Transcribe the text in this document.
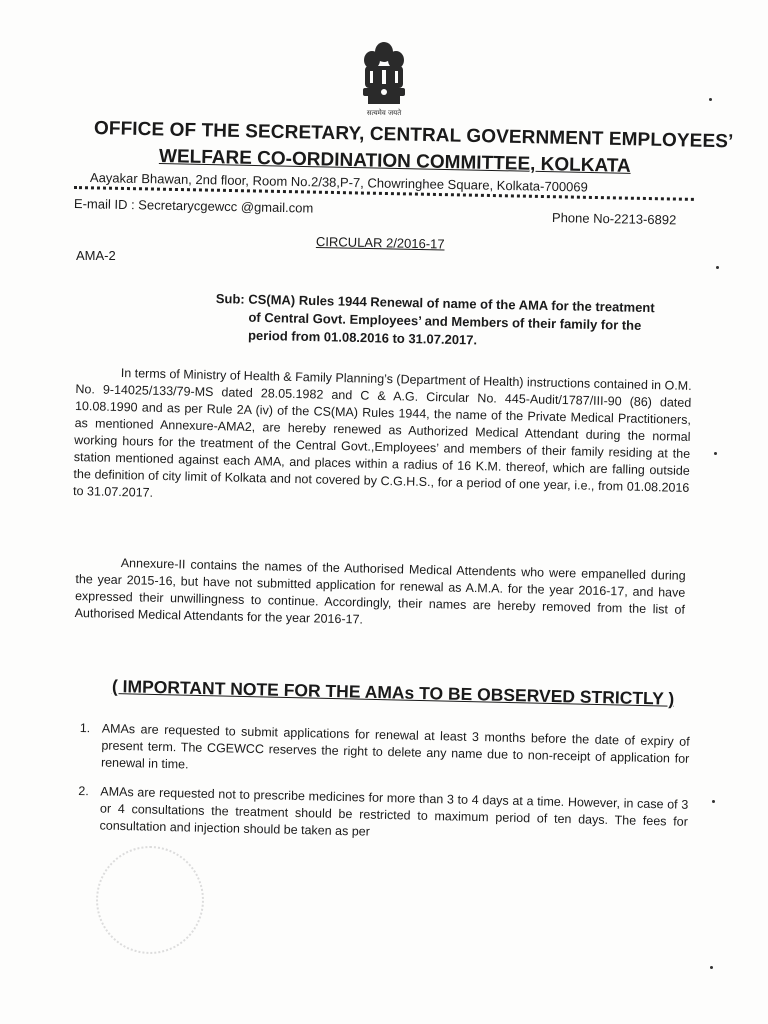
सत्यमेव जयते
OFFICE OF THE SECRETARY, CENTRAL GOVERNMENT EMPLOYEES’
WELFARE CO-ORDINATION COMMITTEE, KOLKATA
Aayakar Bhawan, 2nd floor, Room No.2/38,P-7, Chowringhee Square, Kolkata-700069
E-mail ID : Secretarycgewcc @gmail.com
Phone No-2213-6892
AMA-2
CIRCULAR 2/2016-17

Sub: CS(MA) Rules 1944 Renewal of name of the AMA for the treatment

of Central Govt. Employees’ and Members of their family for the

period from 01.08.2016 to 31.07.2017.

In terms of Ministry of Health & Family Planning’s (Department of Health) instructions contained in O.M. No. 9-14025/133/79-MS dated 28.05.1982 and C & A.G. Circular No. 445-Audit/1787/III-90 (86) dated 10.08.1990 and as per Rule 2A (iv) of the CS(MA) Rules 1944, the name of the Private Medical Practitioners, as mentioned Annexure-AMA2, are hereby renewed as Authorized Medical Attendant during the normal working hours for the treatment of the Central Govt.,Employees’ and members of their family residing at the station mentioned against each AMA, and places within a radius of 16 K.M. thereof, which are falling outside the definition of city limit of Kolkata and not covered by C.G.H.S., for a period of one year, i.e., from 01.08.2016 to 31.07.2017.
Annexure-II contains the names of the Authorised Medical Attendents who were empanelled during the year 2015-16, but have not submitted application for renewal as A.M.A. for the year 2016-17, and have expressed their unwillingness to continue. Accordingly, their names are hereby removed from the list of Authorised Medical Attendants for the year 2016-17.
( IMPORTANT NOTE FOR THE AMAs TO BE OBSERVED STRICTLY )
1. AMAs are requested to submit applications for renewal at least 3 months before the date of expiry of present term. The CGEWCC reserves the right to delete any name due to non-receipt of application for renewal in time.
2. AMAs are requested not to prescribe medicines for more than 3 to 4 days at a time. However, in case of 3 or 4 consultations the treatment should be restricted to maximum period of ten days. The fees for consultation and injection should be taken as per
